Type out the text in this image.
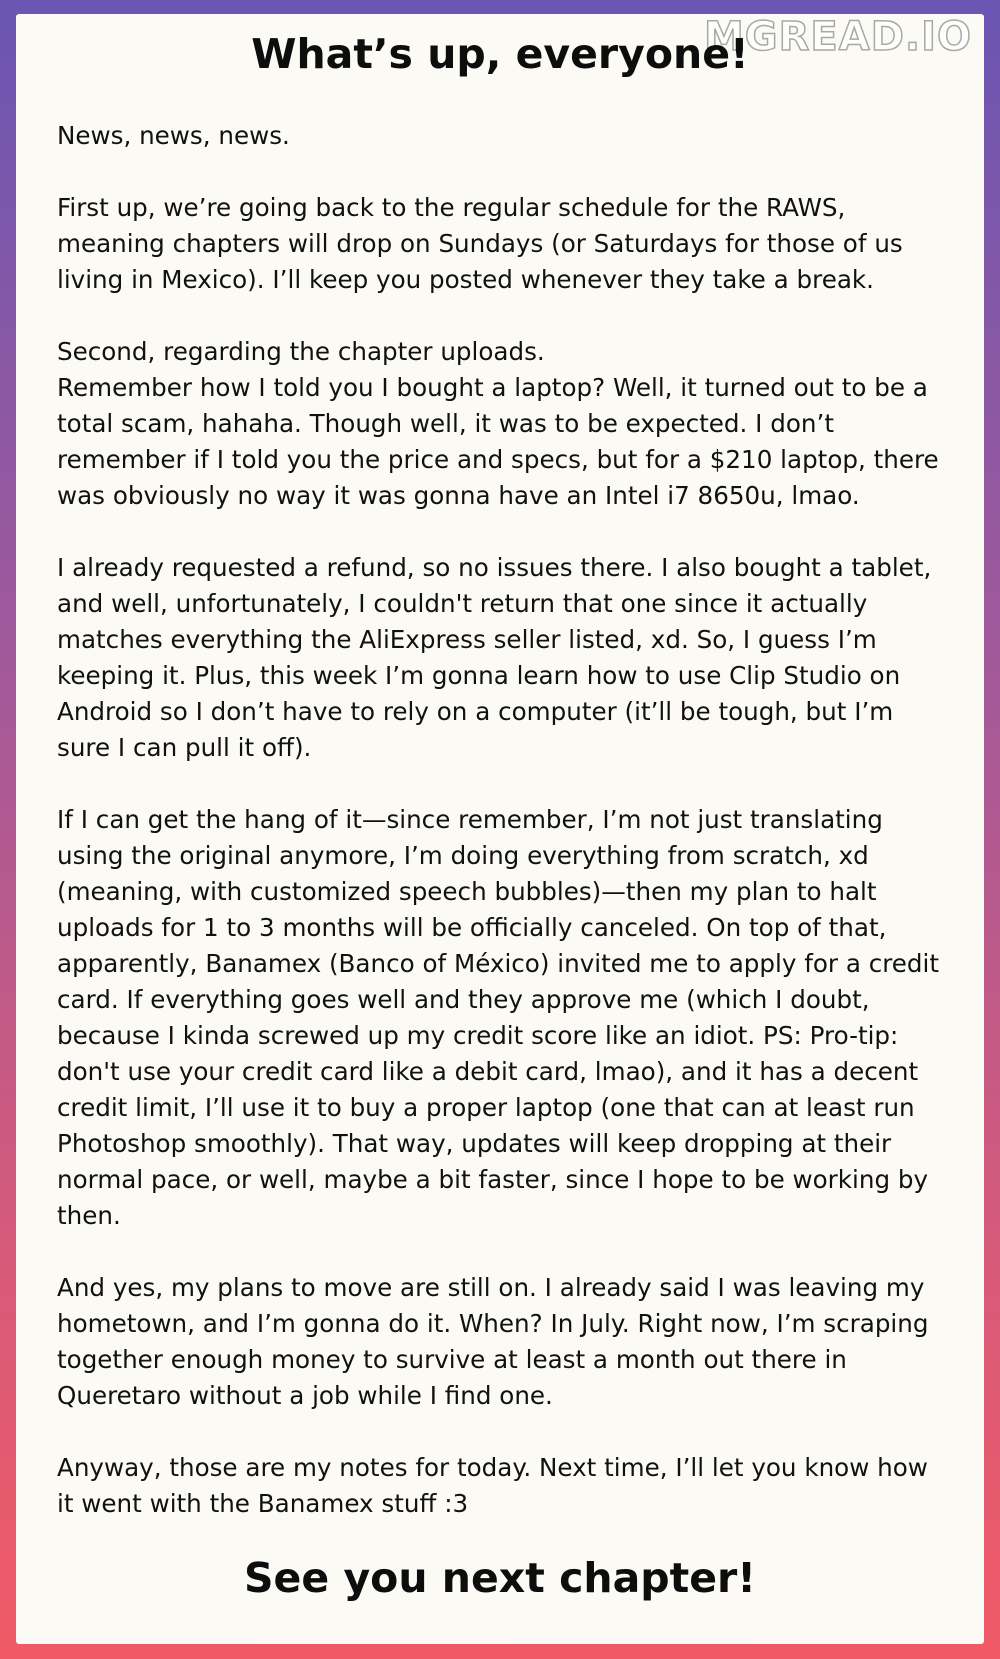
MGREAD.IO
What’s up, everyone!

News, news, news.

First up, we’re going back to the regular schedule for the RAWS,
meaning chapters will drop on Sundays (or Saturdays for those of us
living in Mexico). I’ll keep you posted whenever they take a break.

Second, regarding the chapter uploads.
Remember how I told you I bought a laptop? Well, it turned out to be a
total scam, hahaha. Though well, it was to be expected. I don’t
remember if I told you the price and specs, but for a $210 laptop, there
was obviously no way it was gonna have an Intel i7 8650u, lmao.

I already requested a refund, so no issues there. I also bought a tablet,
and well, unfortunately, I couldn't return that one since it actually
matches everything the AliExpress seller listed, xd. So, I guess I’m
keeping it. Plus, this week I’m gonna learn how to use Clip Studio on
Android so I don’t have to rely on a computer (it’ll be tough, but I’m
sure I can pull it off).

If I can get the hang of it—since remember, I’m not just translating
using the original anymore, I’m doing everything from scratch, xd
(meaning, with customized speech bubbles)—then my plan to halt
uploads for 1 to 3 months will be officially canceled. On top of that,
apparently, Banamex (Banco of México) invited me to apply for a credit
card. If everything goes well and they approve me (which I doubt,
because I kinda screwed up my credit score like an idiot. PS: Pro-tip:
don't use your credit card like a debit card, lmao), and it has a decent
credit limit, I’ll use it to buy a proper laptop (one that can at least run
Photoshop smoothly). That way, updates will keep dropping at their
normal pace, or well, maybe a bit faster, since I hope to be working by
then.

And yes, my plans to move are still on. I already said I was leaving my
hometown, and I’m gonna do it. When? In July. Right now, I’m scraping
together enough money to survive at least a month out there in
Queretaro without a job while I find one.

Anyway, those are my notes for today. Next time, I’ll let you know how
it went with the Banamex stuff :3

See you next chapter!
